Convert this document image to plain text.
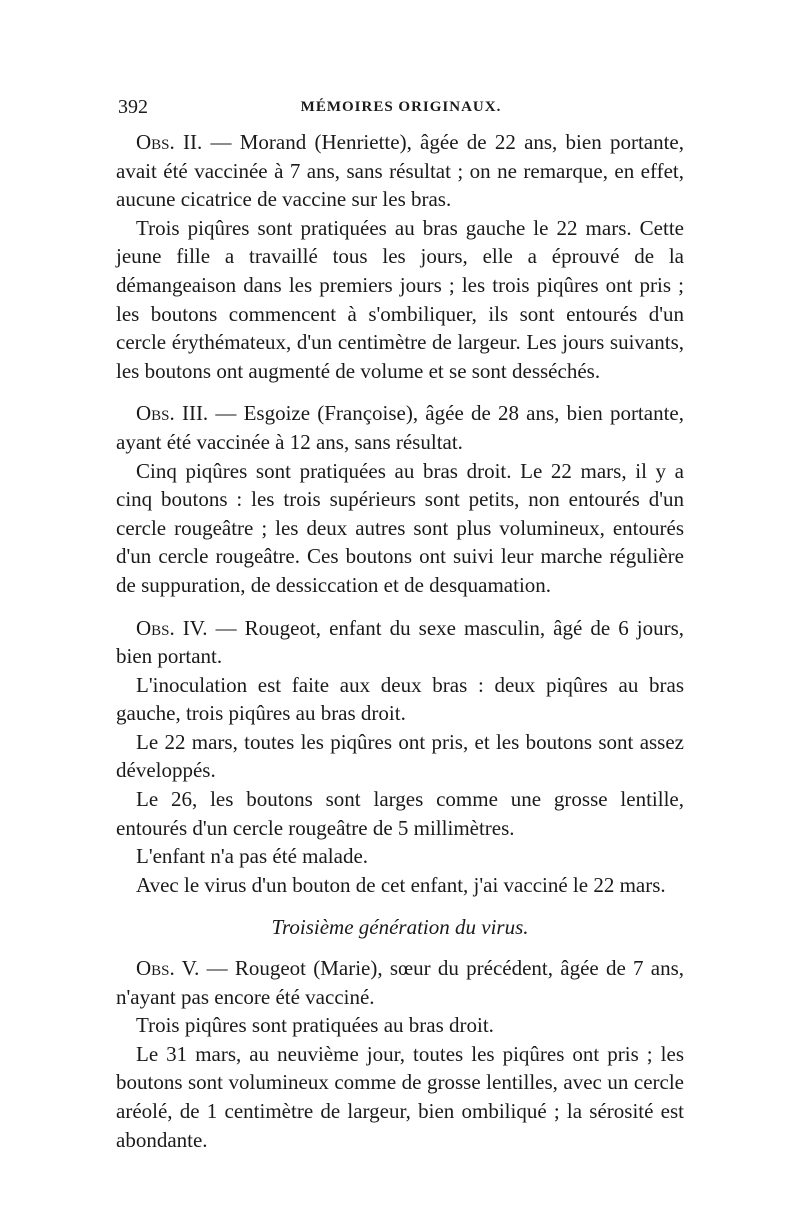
392	MÉMOIRES ORIGINAUX.

Obs. II. — Morand (Henriette), âgée de 22 ans, bien portante, avait été vaccinée à 7 ans, sans résultat ; on ne remarque, en effet, aucune cicatrice de vaccine sur les bras.

Trois piqûres sont pratiquées au bras gauche le 22 mars. Cette jeune fille a travaillé tous les jours, elle a éprouvé de la démangeaison dans les premiers jours ; les trois piqûres ont pris ; les boutons commencent à s'ombiliquer, ils sont entourés d'un cercle érythémateux, d'un centimètre de largeur. Les jours suivants, les boutons ont augmenté de volume et se sont desséchés.

Obs. III. — Esgoize (Françoise), âgée de 28 ans, bien portante, ayant été vaccinée à 12 ans, sans résultat.

Cinq piqûres sont pratiquées au bras droit. Le 22 mars, il y a cinq boutons : les trois supérieurs sont petits, non entourés d'un cercle rougeâtre ; les deux autres sont plus volumineux, entourés d'un cercle rougeâtre. Ces boutons ont suivi leur marche régulière de suppuration, de dessiccation et de desquamation.

Obs. IV. — Rougeot, enfant du sexe masculin, âgé de 6 jours, bien portant.

L'inoculation est faite aux deux bras : deux piqûres au bras gauche, trois piqûres au bras droit.

Le 22 mars, toutes les piqûres ont pris, et les boutons sont assez développés.

Le 26, les boutons sont larges comme une grosse lentille, entourés d'un cercle rougeâtre de 5 millimètres.

L'enfant n'a pas été malade.

Avec le virus d'un bouton de cet enfant, j'ai vacciné le 22 mars.

Troisième génération du virus.

Obs. V. — Rougeot (Marie), sœur du précédent, âgée de 7 ans, n'ayant pas encore été vacciné.

Trois piqûres sont pratiquées au bras droit.

Le 31 mars, au neuvième jour, toutes les piqûres ont pris ; les boutons sont volumineux comme de grosse lentilles, avec un cercle aréolé, de 1 centimètre de largeur, bien ombiliqué ; la sérosité est abondante.
